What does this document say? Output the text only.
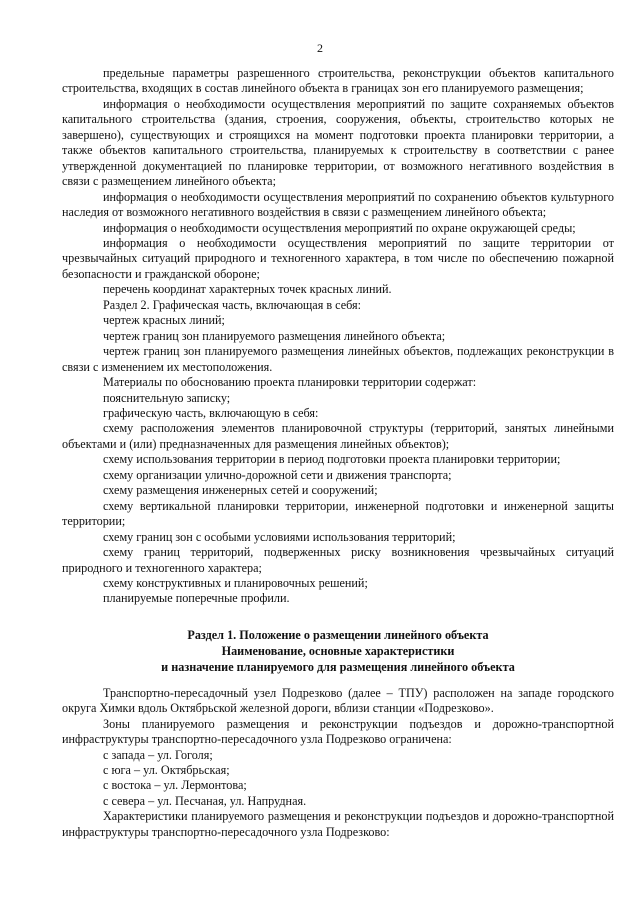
2

предельные параметры разрешенного строительства, реконструкции объектов капитального строительства, входящих в состав линейного объекта в границах зон его планируемого размещения;

информация о необходимости осуществления мероприятий по защите сохраняемых объектов капитального строительства (здания, строения, сооружения, объекты, строительство которых не завершено), существующих и строящихся на момент подготовки проекта планировки территории, а также объектов капитального строительства, планируемых к строительству в соответствии с ранее утвержденной документацией по планировке территории, от возможного негативного воздействия в связи с размещением линейного объекта;

информация о необходимости осуществления мероприятий по сохранению объектов культурного наследия от возможного негативного воздействия в связи с размещением линейного объекта;

информация о необходимости осуществления мероприятий по охране окружающей среды;

информация о необходимости осуществления мероприятий по защите территории от чрезвычайных ситуаций природного и техногенного характера, в том числе по обеспечению пожарной безопасности и гражданской обороне;

перечень координат характерных точек красных линий.

Раздел 2. Графическая часть, включающая в себя:

чертеж красных линий;

чертеж границ зон планируемого размещения линейного объекта;

чертеж границ зон планируемого размещения линейных объектов, подлежащих реконструкции в связи с изменением их местоположения.

Материалы по обоснованию проекта планировки территории содержат:

пояснительную записку;

графическую часть, включающую в себя:

схему расположения элементов планировочной структуры (территорий, занятых линейными объектами и (или) предназначенных для размещения линейных объектов);

схему использования территории в период подготовки проекта планировки территории;

схему организации улично-дорожной сети и движения транспорта;

схему размещения инженерных сетей и сооружений;

схему вертикальной планировки территории, инженерной подготовки и инженерной защиты территории;

схему границ зон с особыми условиями использования территорий;

схему границ территорий, подверженных риску возникновения чрезвычайных ситуаций природного и техногенного характера;

схему конструктивных и планировочных решений;

планируемые поперечные профили.

Раздел 1. Положение о размещении линейного объекта
Наименование, основные характеристики
и назначение планируемого для размещения линейного объекта

Транспортно-пересадочный узел Подрезково (далее – ТПУ) расположен на западе городского округа Химки вдоль Октябрьской железной дороги, вблизи станции «Подрезково».

Зоны планируемого размещения и реконструкции подъездов и дорожно-транспортной инфраструктуры транспортно-пересадочного узла Подрезково ограничена:

с запада – ул. Гоголя;

с юга – ул. Октябрьская;

с востока – ул. Лермонтова;

с севера – ул. Песчаная, ул. Напрудная.

Характеристики планируемого размещения и реконструкции подъездов и дорожно-транспортной инфраструктуры транспортно-пересадочного узла Подрезково:
